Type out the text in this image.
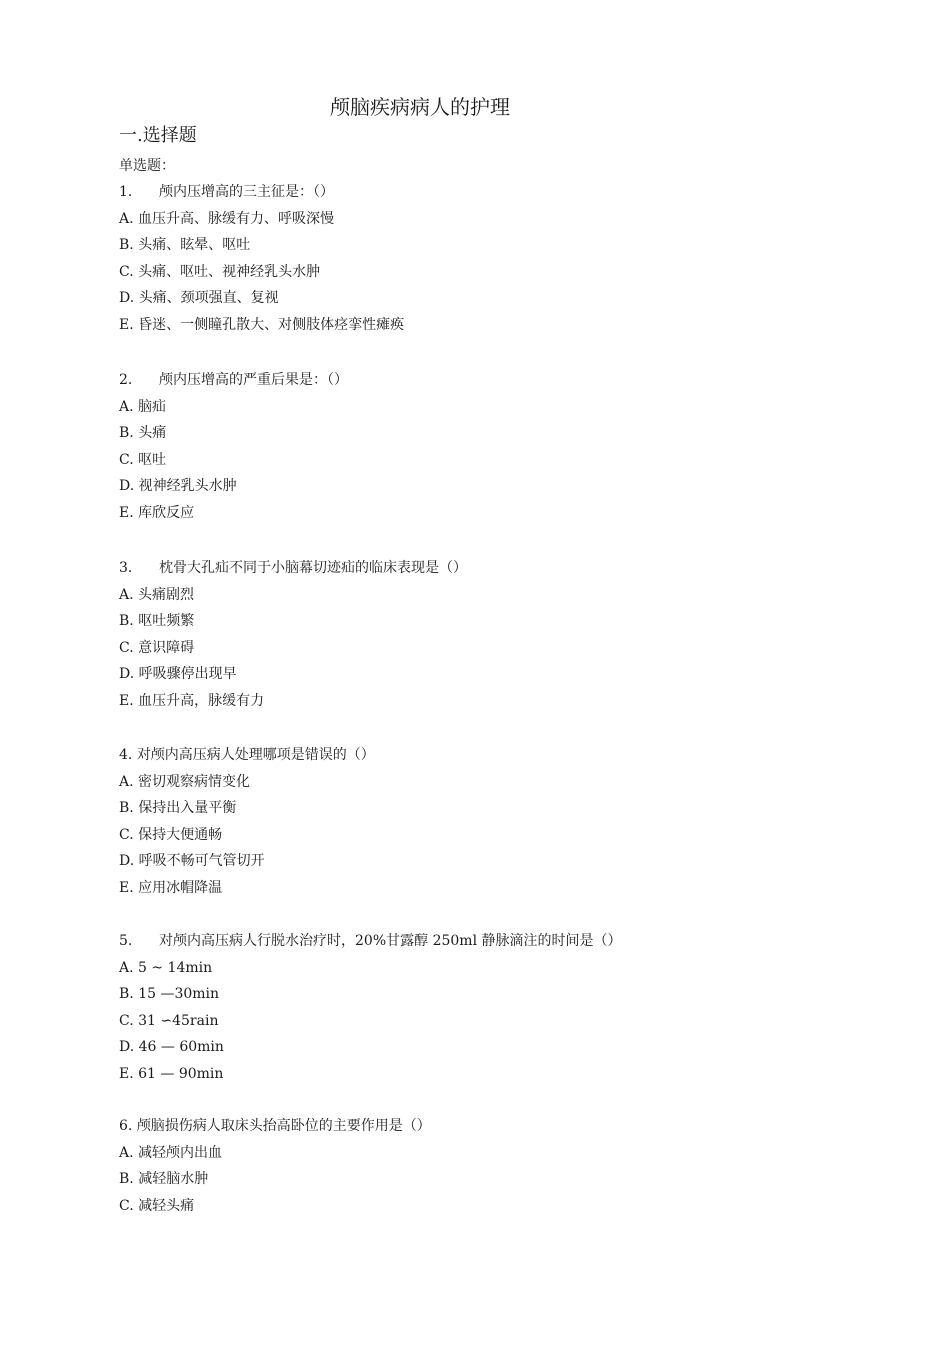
颅脑疾病病人的护理
一.选择题
单选题：
1. 颅内压增高的三主征是：（）
A. 血压升高、脉缓有力、呼吸深慢
B. 头痛、眩晕、呕吐
C. 头痛、呕吐、视神经乳头水肿
D. 头痛、颈项强直、复视
E. 昏迷、一侧瞳孔散大、对侧肢体痉挛性瘫痪
2. 颅内压增高的严重后果是：（）
A. 脑疝
B. 头痛
C. 呕吐
D. 视神经乳头水肿
E. 库欣反应
3. 枕骨大孔疝不同于小脑幕切迹疝的临床表现是（）
A. 头痛剧烈
B. 呕吐频繁
C. 意识障碍
D. 呼吸骤停出现早
E. 血压升高，脉缓有力
4. 对颅内高压病人处理哪项是错误的（）
A. 密切观察病情变化
B. 保持出入量平衡
C. 保持大便通畅
D. 呼吸不畅可气管切开
E. 应用冰帽降温
5. 对颅内高压病人行脱水治疗时，20%甘露醇 250ml 静脉滴注的时间是（）
A. 5 ~ 14min
B. 15 —30min
C. 31 ∽45rain
D. 46 — 60min
E. 61 — 90min
6. 颅脑损伤病人取床头抬高卧位的主要作用是（）
A. 减轻颅内出血
B. 减轻脑水肿
C. 减轻头痛
